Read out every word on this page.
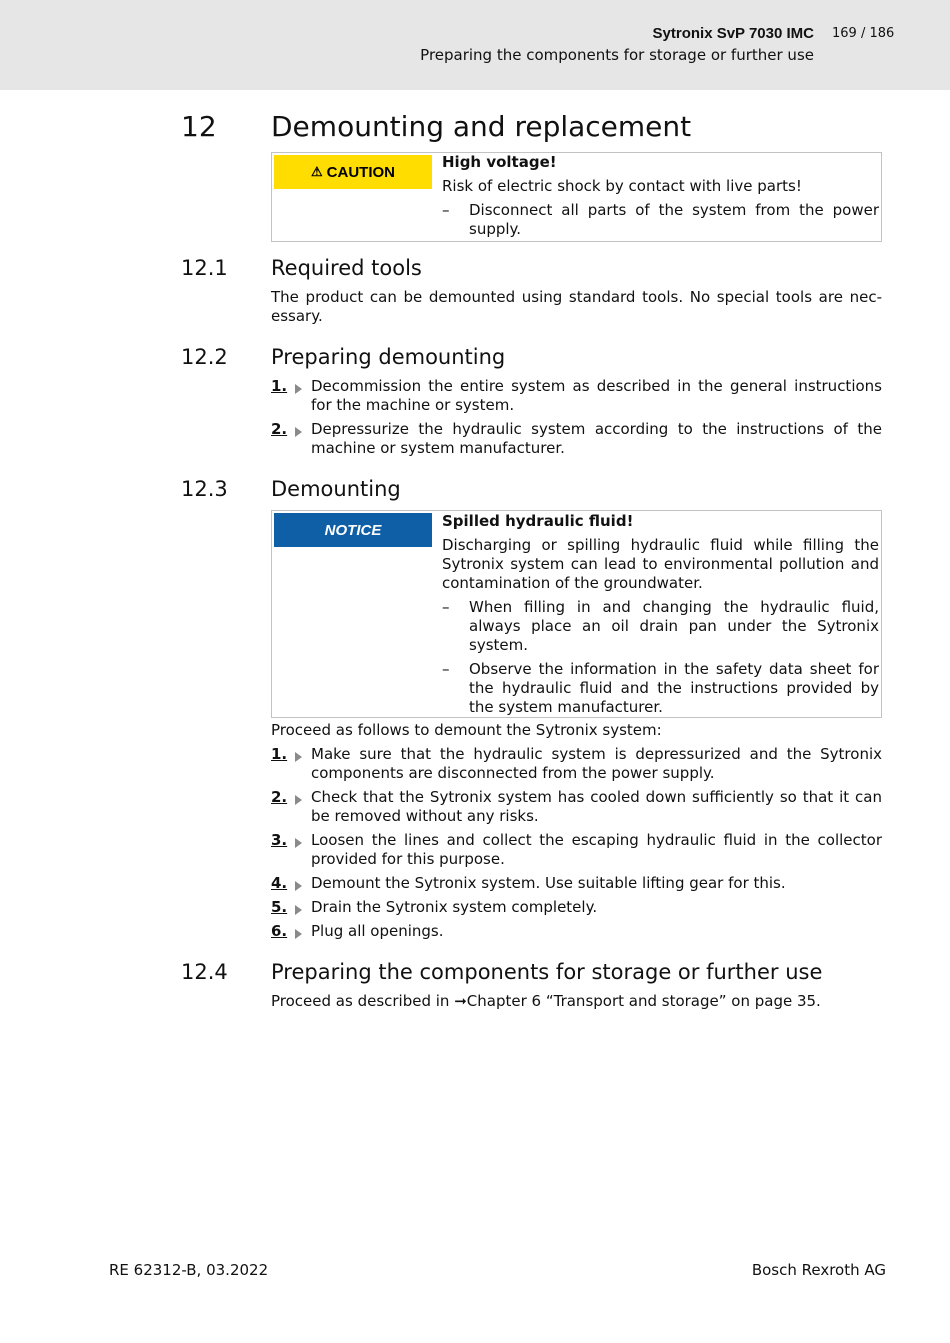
Sytronix SvP 7030 IMC
Preparing the components for storage or further use
169 / 186
12 Demounting and replacement
⚠ CAUTION
High voltage!
Risk of electric shock by contact with live parts!
– Disconnect all parts of the system from the power supply.
12.1 Required tools
The product can be demounted using standard tools. No special tools are nec-essary.
12.2 Preparing demounting
1.	Decommission the entire system as described in the general instructions for the machine or system.
2.	Depressurize the hydraulic system according to the instructions of the machine or system manufacturer.
12.3 Demounting
NOTICE	Spilled hydraulic fluid!
Discharging or spilling hydraulic fluid while filling the Sytronix system can lead to environmental pollution and contamination of the groundwater.
– When filling in and changing the hydraulic fluid, always place an oil drain pan under the Sytronix system.
– Observe the information in the safety data sheet for the hydraulic fluid and the instructions provided by the system manufacturer.
Proceed as follows to demount the Sytronix system:
1.	Make sure that the hydraulic system is depressurized and the Sytronix components are disconnected from the power supply.
2.	Check that the Sytronix system has cooled down sufficiently so that it can be removed without any risks.
3.	Loosen the lines and collect the escaping hydraulic fluid in the collector provided for this purpose.
4.	Demount the Sytronix system. Use suitable lifting gear for this.
5.	Drain the Sytronix system completely.
6.	Plug all openings.
12.4 Preparing the components for storage or further use
Proceed as described in ➞Chapter 6 “Transport and storage” on page 35.
RE 62312-B, 03.2022	Bosch Rexroth AG
